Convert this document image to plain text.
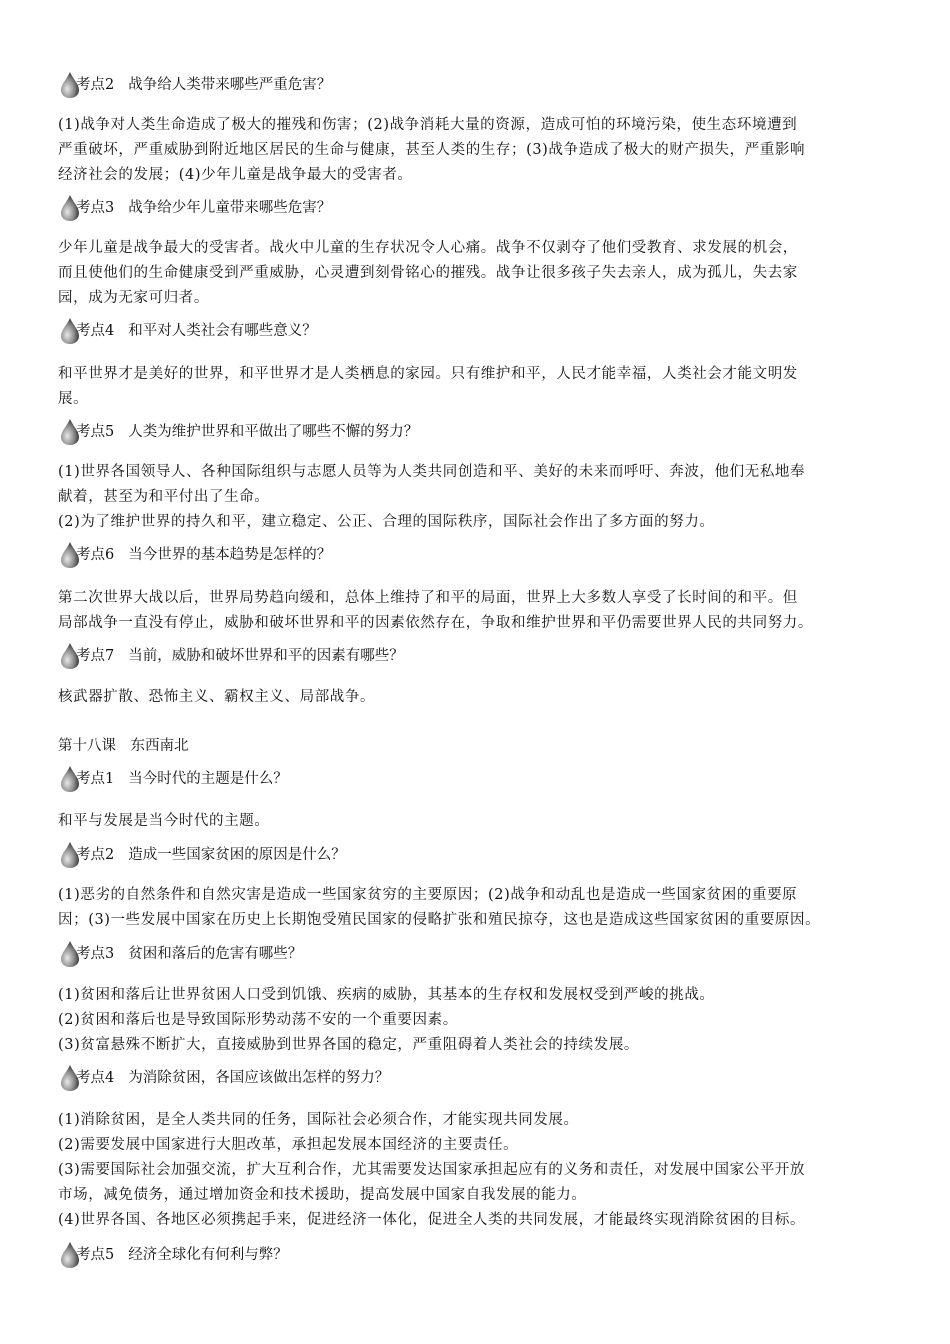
考点2 战争给人类带来哪些严重危害？
(1)战争对人类生命造成了极大的摧残和伤害；(2)战争消耗大量的资源，造成可怕的环境污染，使生态环境遭到
严重破坏，严重威胁到附近地区居民的生命与健康，甚至人类的生存；(3)战争造成了极大的财产损失，严重影响
经济社会的发展；(4)少年儿童是战争最大的受害者。
考点3 战争给少年儿童带来哪些危害？
少年儿童是战争最大的受害者。战火中儿童的生存状况令人心痛。战争不仅剥夺了他们受教育、求发展的机会，
而且使他们的生命健康受到严重威胁，心灵遭到刻骨铭心的摧残。战争让很多孩子失去亲人，成为孤儿，失去家
园，成为无家可归者。
考点4 和平对人类社会有哪些意义？
和平世界才是美好的世界，和平世界才是人类栖息的家园。只有维护和平，人民才能幸福，人类社会才能文明发
展。
考点5 人类为维护世界和平做出了哪些不懈的努力？
(1)世界各国领导人、各种国际组织与志愿人员等为人类共同创造和平、美好的未来而呼吁、奔波，他们无私地奉
献着，甚至为和平付出了生命。
(2)为了维护世界的持久和平，建立稳定、公正、合理的国际秩序，国际社会作出了多方面的努力。
考点6 当今世界的基本趋势是怎样的？
第二次世界大战以后，世界局势趋向缓和，总体上维持了和平的局面，世界上大多数人享受了长时间的和平。但
局部战争一直没有停止，威胁和破坏世界和平的因素依然存在，争取和维护世界和平仍需要世界人民的共同努力。
考点7 当前，威胁和破坏世界和平的因素有哪些？
核武器扩散、恐怖主义、霸权主义、局部战争。
第十八课　东西南北
考点1 当今时代的主题是什么？
和平与发展是当今时代的主题。
考点2 造成一些国家贫困的原因是什么？
(1)恶劣的自然条件和自然灾害是造成一些国家贫穷的主要原因；(2)战争和动乱也是造成一些国家贫困的重要原
因；(3)一些发展中国家在历史上长期饱受殖民国家的侵略扩张和殖民掠夺，这也是造成这些国家贫困的重要原因。
考点3 贫困和落后的危害有哪些？
(1)贫困和落后让世界贫困人口受到饥饿、疾病的威胁，其基本的生存权和发展权受到严峻的挑战。
(2)贫困和落后也是导致国际形势动荡不安的一个重要因素。
(3)贫富悬殊不断扩大，直接威胁到世界各国的稳定，严重阻碍着人类社会的持续发展。
考点4 为消除贫困，各国应该做出怎样的努力？
(1)消除贫困，是全人类共同的任务，国际社会必须合作，才能实现共同发展。
(2)需要发展中国家进行大胆改革，承担起发展本国经济的主要责任。
(3)需要国际社会加强交流，扩大互利合作，尤其需要发达国家承担起应有的义务和责任，对发展中国家公平开放
市场，减免债务，通过增加资金和技术援助，提高发展中国家自我发展的能力。
(4)世界各国、各地区必须携起手来，促进经济一体化，促进全人类的共同发展，才能最终实现消除贫困的目标。
考点5 经济全球化有何利与弊？
